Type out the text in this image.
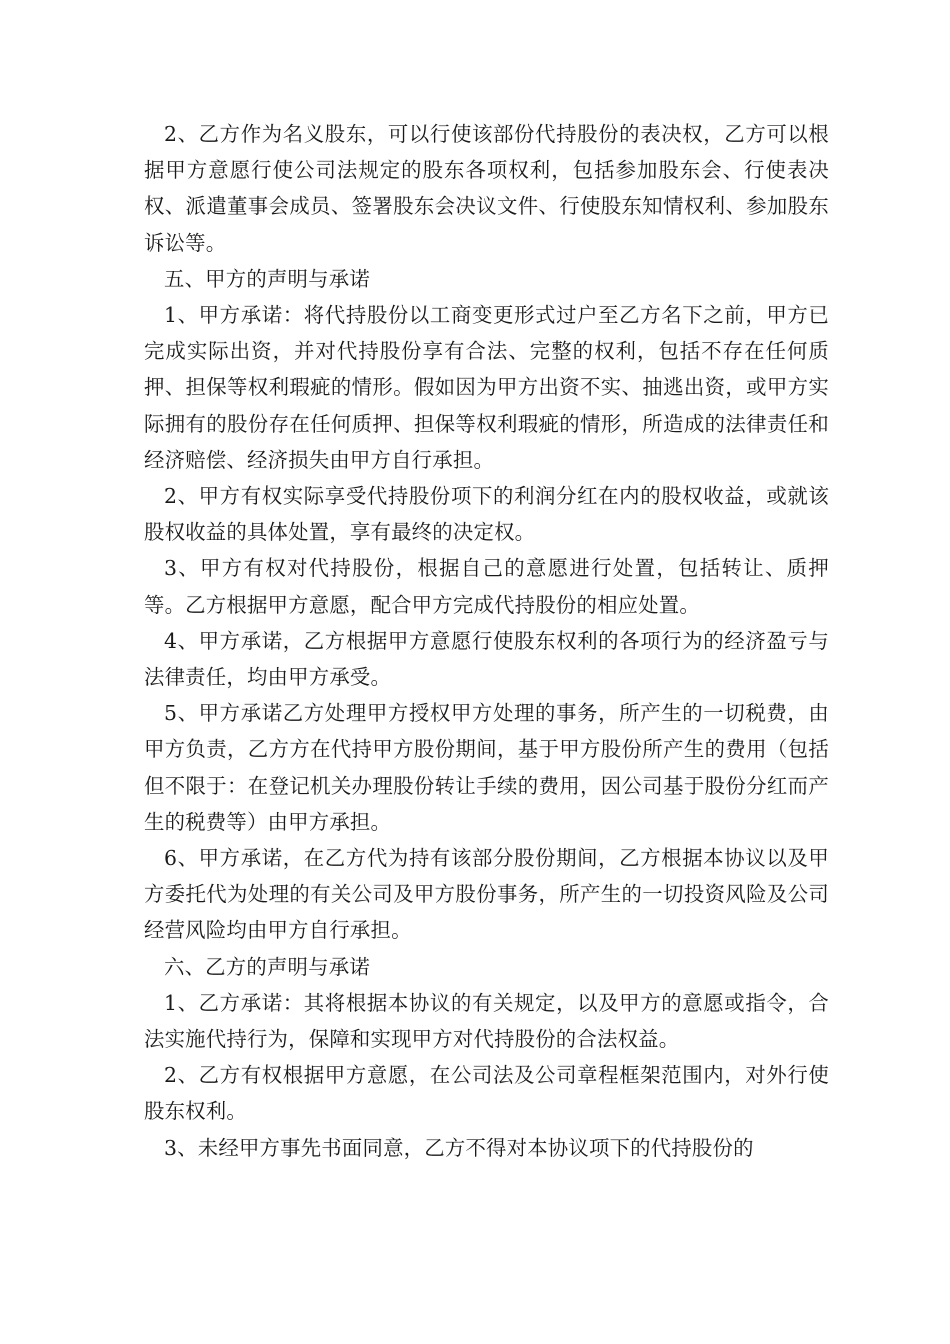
2、乙方作为名义股东，可以行使该部份代持股份的表决权，乙方可以根据甲方意愿行使公司法规定的股东各项权利，包括参加股东会、行使表决权、派遣董事会成员、签署股东会决议文件、行使股东知情权利、参加股东诉讼等。

五、甲方的声明与承诺

1、甲方承诺：将代持股份以工商变更形式过户至乙方名下之前，甲方已完成实际出资，并对代持股份享有合法、完整的权利，包括不存在任何质押、担保等权利瑕疵的情形。假如因为甲方出资不实、抽逃出资，或甲方实际拥有的股份存在任何质押、担保等权利瑕疵的情形，所造成的法律责任和经济赔偿、经济损失由甲方自行承担。

2、甲方有权实际享受代持股份项下的利润分红在内的股权收益，或就该股权收益的具体处置，享有最终的决定权。

3、甲方有权对代持股份，根据自己的意愿进行处置，包括转让、质押等。乙方根据甲方意愿，配合甲方完成代持股份的相应处置。

4、甲方承诺，乙方根据甲方意愿行使股东权利的各项行为的经济盈亏与法律责任，均由甲方承受。

5、甲方承诺乙方处理甲方授权甲方处理的事务，所产生的一切税费，由甲方负责，乙方方在代持甲方股份期间，基于甲方股份所产生的费用（包括但不限于：在登记机关办理股份转让手续的费用，因公司基于股份分红而产生的税费等）由甲方承担。

6、甲方承诺，在乙方代为持有该部分股份期间，乙方根据本协议以及甲方委托代为处理的有关公司及甲方股份事务，所产生的一切投资风险及公司经营风险均由甲方自行承担。

六、乙方的声明与承诺

1、乙方承诺：其将根据本协议的有关规定，以及甲方的意愿或指令，合法实施代持行为，保障和实现甲方对代持股份的合法权益。

2、乙方有权根据甲方意愿，在公司法及公司章程框架范围内，对外行使股东权利。

3、未经甲方事先书面同意，乙方不得对本协议项下的代持股份的
